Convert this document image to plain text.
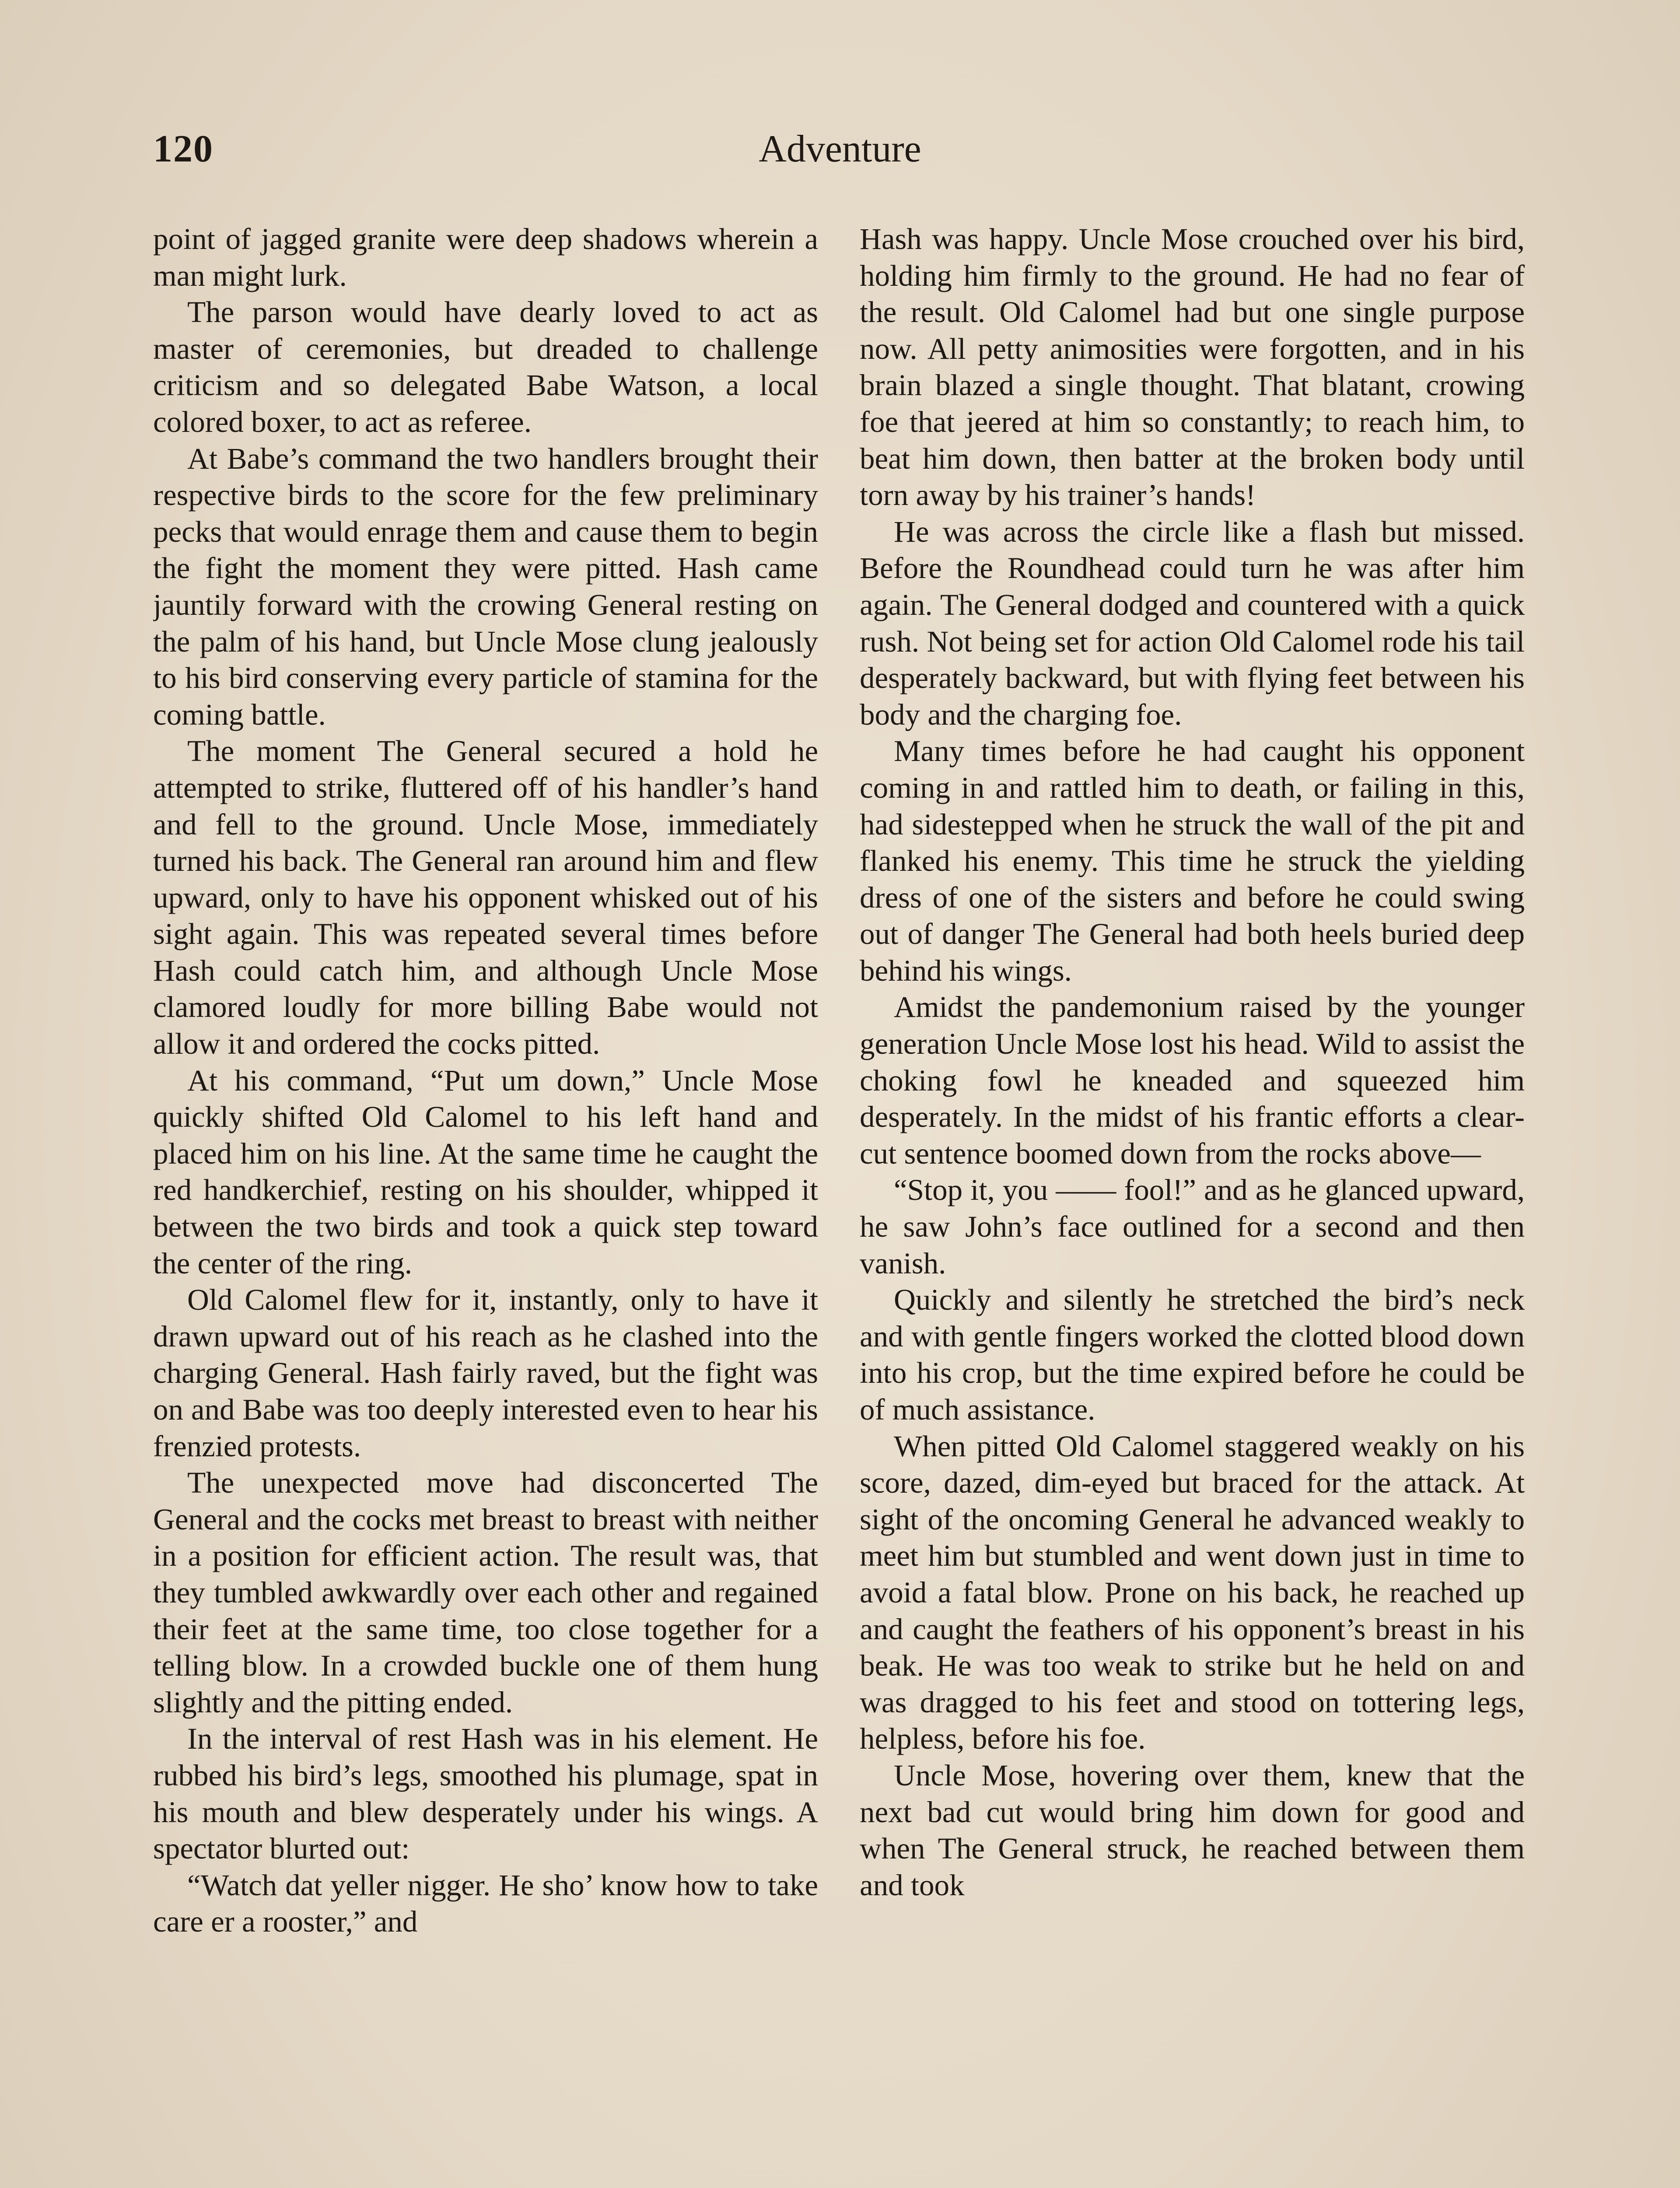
120	Adventure

point of jagged granite were deep shadows wherein a man might lurk.

The parson would have dearly loved to act as master of ceremonies, but dreaded to challenge criticism and so delegated Babe Watson, a local colored boxer, to act as referee.

At Babe’s command the two handlers brought their respective birds to the score for the few preliminary pecks that would enrage them and cause them to begin the fight the moment they were pitted. Hash came jauntily forward with the crowing General resting on the palm of his hand, but Uncle Mose clung jealously to his bird conserving every particle of stamina for the coming battle.

The moment The General secured a hold he attempted to strike, fluttered off of his handler’s hand and fell to the ground. Uncle Mose, immediately turned his back. The General ran around him and flew upward, only to have his opponent whisked out of his sight again. This was repeated several times before Hash could catch him, and although Uncle Mose clamored loudly for more billing Babe would not allow it and ordered the cocks pitted.

At his command, “Put um down,” Uncle Mose quickly shifted Old Calomel to his left hand and placed him on his line. At the same time he caught the red handkerchief, resting on his shoulder, whipped it between the two birds and took a quick step toward the center of the ring.

Old Calomel flew for it, instantly, only to have it drawn upward out of his reach as he clashed into the charging General. Hash fairly raved, but the fight was on and Babe was too deeply interested even to hear his frenzied protests.

The unexpected move had disconcerted The General and the cocks met breast to breast with neither in a position for efficient action. The result was, that they tumbled awkwardly over each other and regained their feet at the same time, too close together for a telling blow. In a crowded buckle one of them hung slightly and the pitting ended.

In the interval of rest Hash was in his element. He rubbed his bird’s legs, smoothed his plumage, spat in his mouth and blew desperately under his wings. A spectator blurted out:

“Watch dat yeller nigger. He sho’ know how to take care er a rooster,” and

Hash was happy. Uncle Mose crouched over his bird, holding him firmly to the ground. He had no fear of the result. Old Calomel had but one single purpose now. All petty animosities were forgotten, and in his brain blazed a single thought. That blatant, crowing foe that jeered at him so constantly; to reach him, to beat him down, then batter at the broken body until torn away by his trainer’s hands!

He was across the circle like a flash but missed. Before the Roundhead could turn he was after him again. The General dodged and countered with a quick rush. Not being set for action Old Calomel rode his tail desperately backward, but with flying feet between his body and the charging foe.

Many times before he had caught his opponent coming in and rattled him to death, or failing in this, had sidestepped when he struck the wall of the pit and flanked his enemy. This time he struck the yielding dress of one of the sisters and before he could swing out of danger The General had both heels buried deep behind his wings.

Amidst the pandemonium raised by the younger generation Uncle Mose lost his head. Wild to assist the choking fowl he kneaded and squeezed him desperately. In the midst of his frantic efforts a clear-cut sentence boomed down from the rocks above—

“Stop it, you —— fool!” and as he glanced upward, he saw John’s face outlined for a second and then vanish.

Quickly and silently he stretched the bird’s neck and with gentle fingers worked the clotted blood down into his crop, but the time expired before he could be of much assistance.

When pitted Old Calomel staggered weakly on his score, dazed, dim-eyed but braced for the attack. At sight of the oncoming General he advanced weakly to meet him but stumbled and went down just in time to avoid a fatal blow. Prone on his back, he reached up and caught the feathers of his opponent’s breast in his beak. He was too weak to strike but he held on and was dragged to his feet and stood on tottering legs, helpless, before his foe.

Uncle Mose, hovering over them, knew that the next bad cut would bring him down for good and when The General struck, he reached between them and took
